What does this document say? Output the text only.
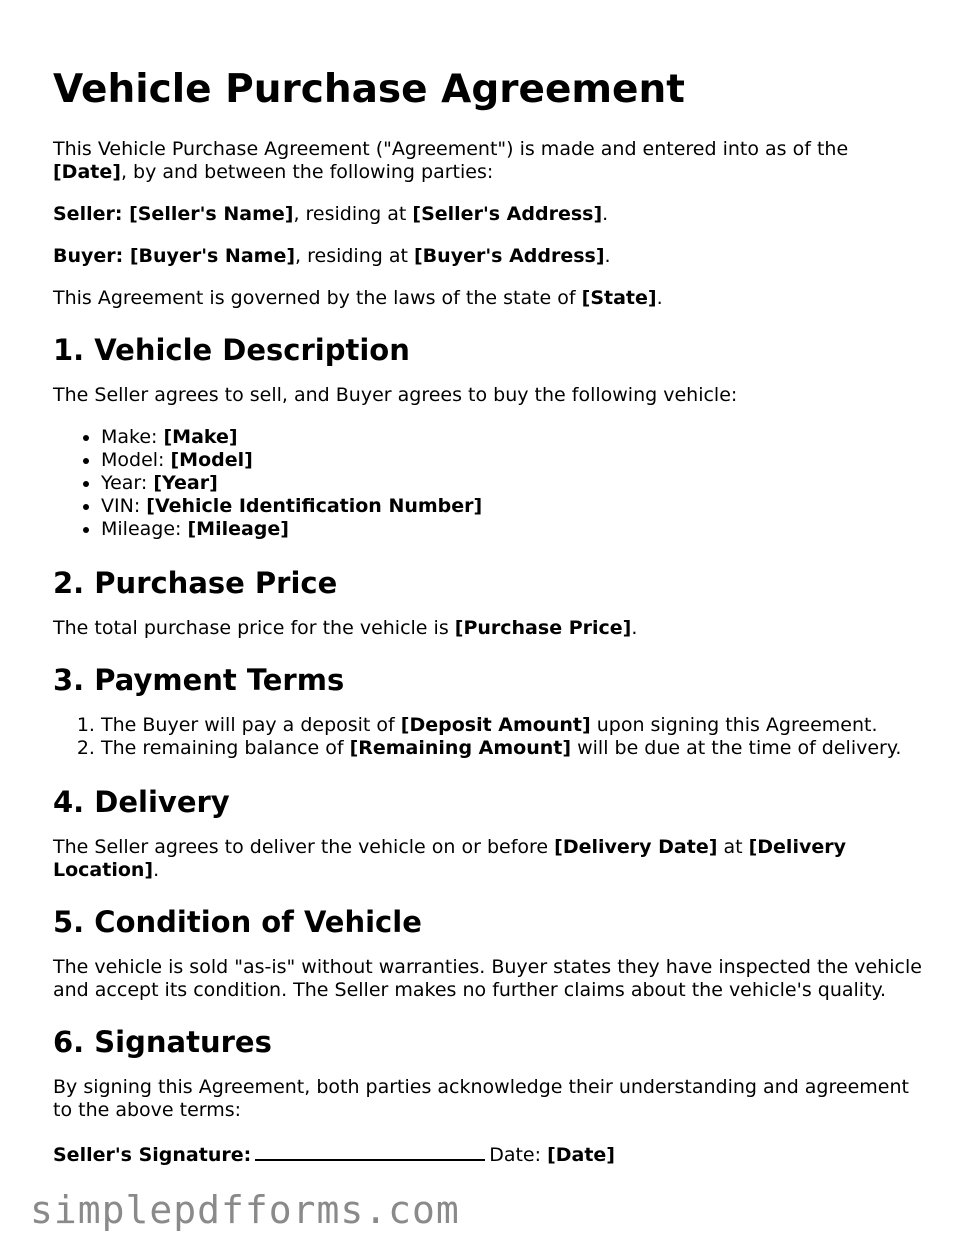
Vehicle Purchase Agreement

This Vehicle Purchase Agreement ("Agreement") is made and entered into as of the [Date], by and between the following parties:

Seller: [Seller's Name], residing at [Seller's Address].

Buyer: [Buyer's Name], residing at [Buyer's Address].

This Agreement is governed by the laws of the state of [State].

1. Vehicle Description

The Seller agrees to sell, and Buyer agrees to buy the following vehicle:

• Make: [Make]
• Model: [Model]
• Year: [Year]
• VIN: [Vehicle Identification Number]
• Mileage: [Mileage]
2. Purchase Price

The total purchase price for the vehicle is [Purchase Price].

3. Payment Terms
1. The Buyer will pay a deposit of [Deposit Amount] upon signing this Agreement.
2. The remaining balance of [Remaining Amount] will be due at the time of delivery.
4. Delivery

The Seller agrees to deliver the vehicle on or before [Delivery Date] at [Delivery Location].

5. Condition of Vehicle

The vehicle is sold "as-is" without warranties. Buyer states they have inspected the vehicle and accept its condition. The Seller makes no further claims about the vehicle's quality.

6. Signatures

By signing this Agreement, both parties acknowledge their understanding and agreement to the above terms:

Seller's Signature:	Date: [Date]

simplepdfforms.com
